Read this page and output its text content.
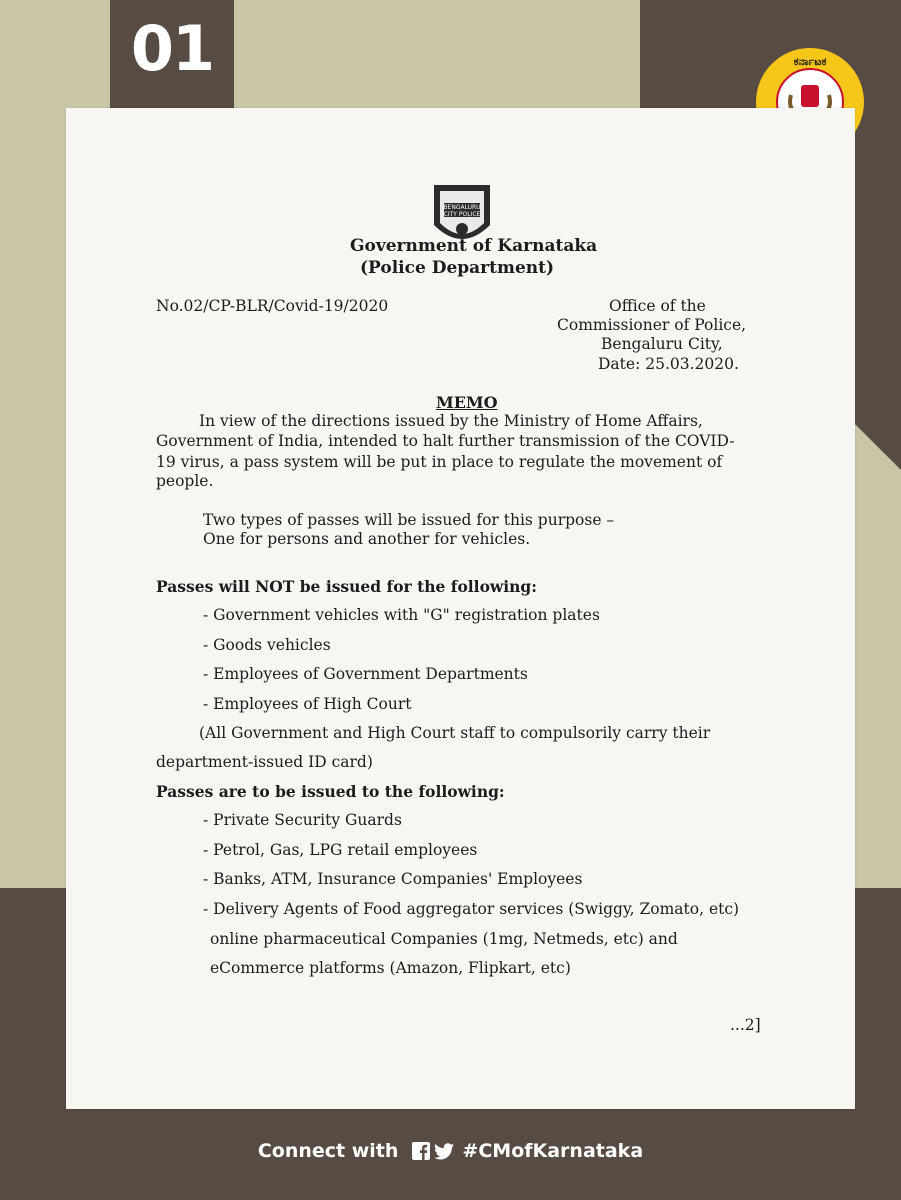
01	ಕರ್ನಾಟಕ
BENGALURU
CITY POLICE
Government of Karnataka
(Police Department)
No.02/CP-BLR/Covid-19/2020	Office of the
Commissioner of Police,
Bengaluru City,
Date: 25.03.2020.
MEMO
In view of the directions issued by the Ministry of Home Affairs,
Government of India, intended to halt further transmission of the COVID-
19 virus, a pass system will be put in place to regulate the movement of
people.
Two types of passes will be issued for this purpose –
One for persons and another for vehicles.
Passes will NOT be issued for the following:
- Government vehicles with "G" registration plates
- Goods vehicles
- Employees of Government Departments
- Employees of High Court
(All Government and High Court staff to compulsorily carry their
department-issued ID card)
Passes are to be issued to the following:
- Private Security Guards
- Petrol, Gas, LPG retail employees
- Banks, ATM, Insurance Companies' Employees
- Delivery Agents of Food aggregator services (Swiggy, Zomato, etc)
online pharmaceutical Companies (1mg, Netmeds, etc) and
eCommerce platforms (Amazon, Flipkart, etc)
...2]
Connect with	#CMofKarnataka
